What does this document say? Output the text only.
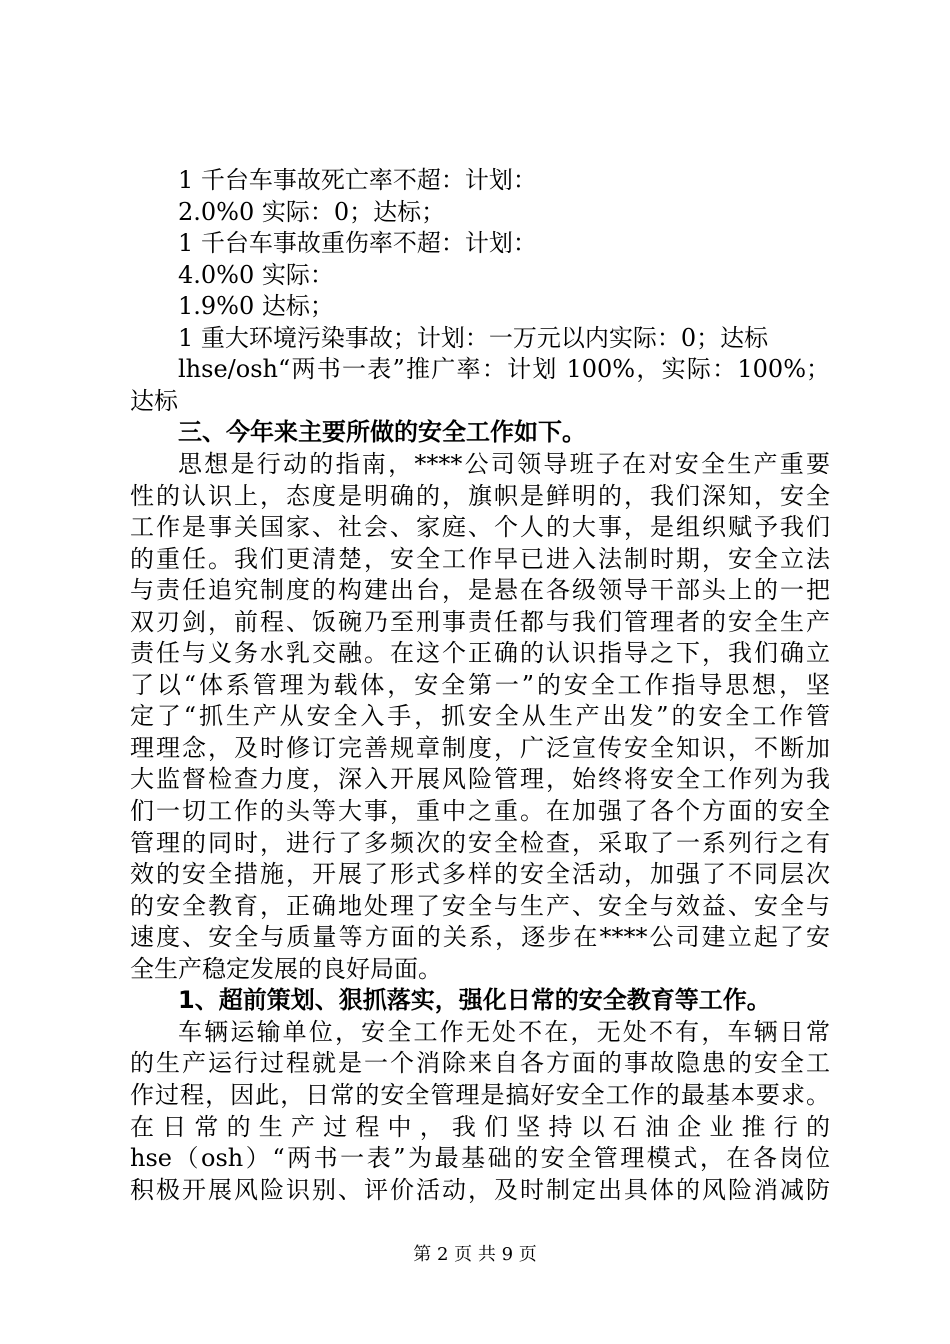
1 千台车事故死亡率不超：计划：
2.0%0 实际：0；达标；
1 千台车事故重伤率不超：计划：
4.0%0 实际：
1.9%0 达标；
1 重大环境污染事故；计划：一万元以内实际：0；达标
lhse/osh“两书一表”推广率：计划 100%，实际：100%；
达标
三、今年来主要所做的安全工作如下。
思想是行动的指南，****公司领导班子在对安全生产重要
性的认识上，态度是明确的，旗帜是鲜明的，我们深知，安全
工作是事关国家、社会、家庭、个人的大事，是组织赋予我们
的重任。我们更清楚，安全工作早已进入法制时期，安全立法
与责任追究制度的构建出台，是悬在各级领导干部头上的一把
双刃剑，前程、饭碗乃至刑事责任都与我们管理者的安全生产
责任与义务水乳交融。在这个正确的认识指导之下，我们确立
了以“体系管理为载体，安全第一”的安全工作指导思想，坚
定了“抓生产从安全入手，抓安全从生产出发”的安全工作管
理理念，及时修订完善规章制度，广泛宣传安全知识，不断加
大监督检查力度，深入开展风险管理，始终将安全工作列为我
们一切工作的头等大事，重中之重。在加强了各个方面的安全
管理的同时，进行了多频次的安全检查，采取了一系列行之有
效的安全措施，开展了形式多样的安全活动，加强了不同层次
的安全教育，正确地处理了安全与生产、安全与效益、安全与
速度、安全与质量等方面的关系，逐步在****公司建立起了安
全生产稳定发展的良好局面。
1、超前策划、狠抓落实，强化日常的安全教育等工作。
车辆运输单位，安全工作无处不在，无处不有，车辆日常
的生产运行过程就是一个消除来自各方面的事故隐患的安全工
作过程，因此，日常的安全管理是搞好安全工作的最基本要求。
在日常的生产过程中，我们坚持以石油企业推行的
hse（osh）“两书一表”为最基础的安全管理模式，在各岗位
积极开展风险识别、评价活动，及时制定出具体的风险消减防
第 2 页 共 9 页
